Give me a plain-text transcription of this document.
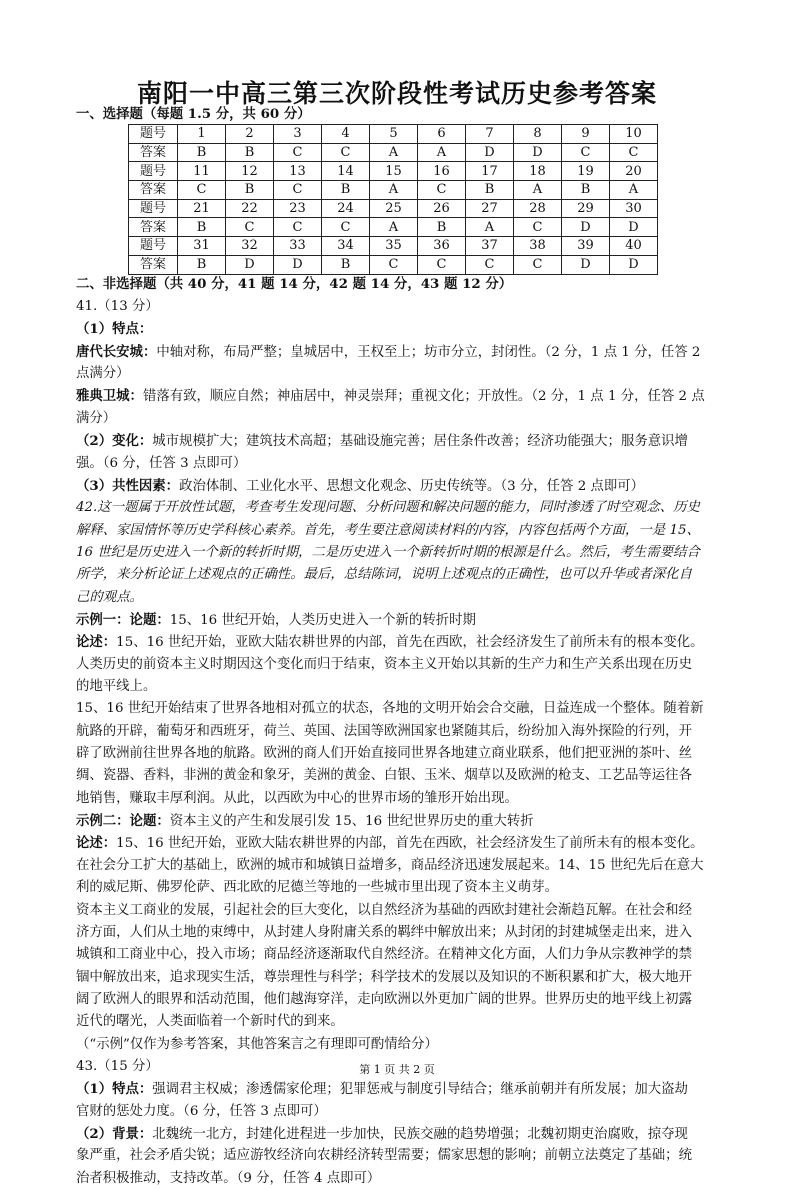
南阳一中高三第三次阶段性考试历史参考答案
一、选择题（每题 1.5 分，共 60 分）
题号	1	2	3	4	5	6	7	8	9	10
答案	B	B	C	C	A	A	D	D	C	C
题号	11	12	13	14	15	16	17	18	19	20
答案	C	B	C	B	A	C	B	A	B	A
题号	21	22	23	24	25	26	27	28	29	30
答案	B	C	C	C	A	B	A	C	D	D
题号	31	32	33	34	35	36	37	38	39	40
答案	B	D	D	B	C	C	C	C	D	D
二、非选择题（共 40 分，41 题 14 分，42 题 14 分，43 题 12 分）
41.（13 分）
（1）特点：
唐代长安城：中轴对称，布局严整；皇城居中，王权至上；坊市分立，封闭性。（2 分，1 点 1 分，任答 2
点满分）
雅典卫城：错落有致，顺应自然；神庙居中，神灵崇拜；重视文化；开放性。（2 分，1 点 1 分，任答 2 点
满分）
（2）变化：城市规模扩大；建筑技术高超；基础设施完善；居住条件改善；经济功能强大；服务意识增
强。（6 分，任答 3 点即可）
（3）共性因素：政治体制、工业化水平、思想文化观念、历史传统等。（3 分，任答 2 点即可）
42.这一题属于开放性试题，考查考生发现问题、分析问题和解决问题的能力，同时渗透了时空观念、历史
解释、家国情怀等历史学科核心素养。首先，考生要注意阅读材料的内容，内容包括两个方面，一是 15、
16 世纪是历史进入一个新的转折时期，二是历史进入一个新转折时期的根源是什么。然后，考生需要结合
所学，来分析论证上述观点的正确性。最后，总结陈词，说明上述观点的正确性，也可以升华或者深化自
己的观点。
示例一：论题：15、16 世纪开始，人类历史进入一个新的转折时期
论述：15、16 世纪开始，亚欧大陆农耕世界的内部，首先在西欧，社会经济发生了前所未有的根本变化。
人类历史的前资本主义时期因这个变化而归于结束，资本主义开始以其新的生产力和生产关系出现在历史
的地平线上。
15、16 世纪开始结束了世界各地相对孤立的状态，各地的文明开始会合交融，日益连成一个整体。随着新
航路的开辟，葡萄牙和西班牙，荷兰、英国、法国等欧洲国家也紧随其后，纷纷加入海外探险的行列，开
辟了欧洲前往世界各地的航路。欧洲的商人们开始直接同世界各地建立商业联系，他们把亚洲的茶叶、丝
绸、瓷器、香料，非洲的黄金和象牙，美洲的黄金、白银、玉米、烟草以及欧洲的枪支、工艺品等运往各
地销售，赚取丰厚利润。从此，以西欧为中心的世界市场的雏形开始出现。
示例二：论题：资本主义的产生和发展引发 15、16 世纪世界历史的重大转折
论述：15、16 世纪开始，亚欧大陆农耕世界的内部，首先在西欧，社会经济发生了前所未有的根本变化。
在社会分工扩大的基础上，欧洲的城市和城镇日益增多，商品经济迅速发展起来。14、15 世纪先后在意大
利的威尼斯、佛罗伦萨、西北欧的尼德兰等地的一些城市里出现了资本主义萌芽。
资本主义工商业的发展，引起社会的巨大变化，以自然经济为基础的西欧封建社会渐趋瓦解。在社会和经
济方面，人们从土地的束缚中，从封建人身附庸关系的羁绊中解放出来；从封闭的封建城堡走出来，进入
城镇和工商业中心，投入市场；商品经济逐渐取代自然经济。在精神文化方面，人们力争从宗教神学的禁
锢中解放出来，追求现实生活，尊崇理性与科学；科学技术的发展以及知识的不断积累和扩大，极大地开
阔了欧洲人的眼界和活动范围，他们越海穿洋，走向欧洲以外更加广阔的世界。世界历史的地平线上初露
近代的曙光，人类面临着一个新时代的到来。
（“示例”仅作为参考答案，其他答案言之有理即可酌情给分）
43.（15 分）
（1）特点：强调君主权威；渗透儒家伦理；犯罪惩戒与制度引导结合；继承前朝并有所发展；加大盗劫
官财的惩处力度。（6 分，任答 3 点即可）
（2）背景：北魏统一北方，封建化进程进一步加快，民族交融的趋势增强；北魏初期吏治腐败，掠夺现
象严重，社会矛盾尖锐；适应游牧经济向农耕经济转型需要；儒家思想的影响；前朝立法奠定了基础；统
治者积极推动，支持改革。（9 分，任答 4 点即可）
第 1 页 共 2 页
